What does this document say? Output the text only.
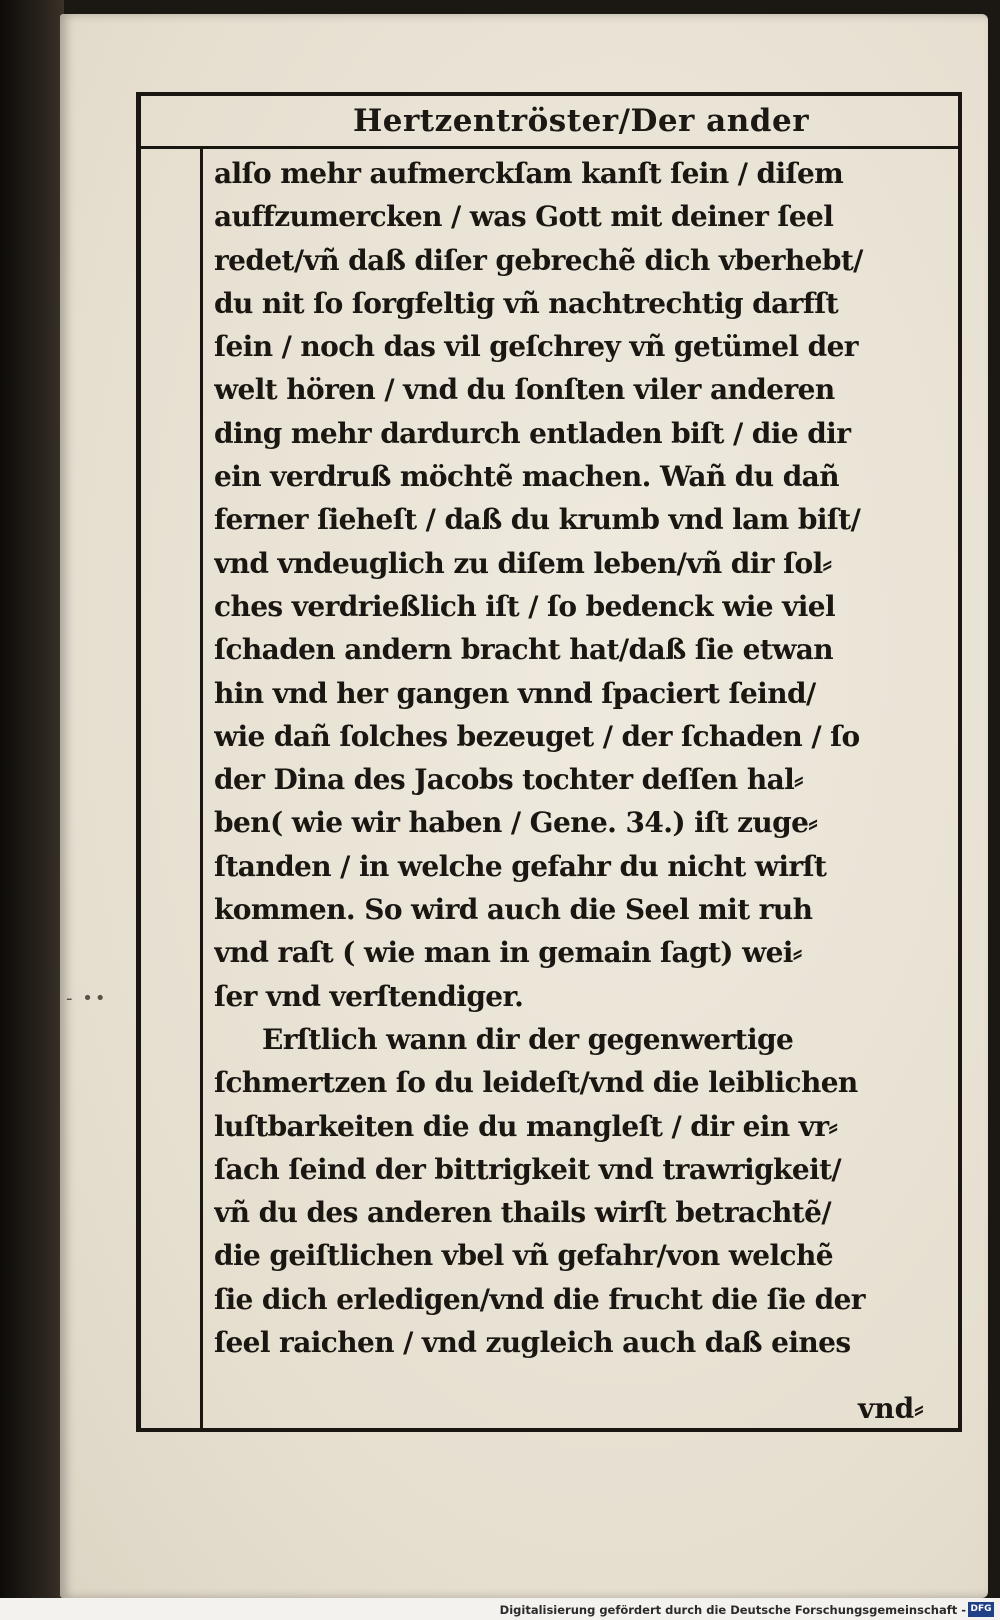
- ••
Hertzentröster/Der ander
alſo mehr aufmerckſam kanſt ſein / diſem
auffzumercken / was Gott mit deiner ſeel
redet/vñ daß diſer gebrechẽ dich vberhebt/
du nit ſo ſorgfeltig vñ nachtrechtig darfſt
ſein / noch das vil geſchrey vñ getümel der
welt hören / vnd du ſonſten viler anderen
ding mehr dardurch entladen biſt / die dir
ein verdruß möchtẽ machen. Wañ du dañ
ferner ſieheſt / daß du krumb vnd lam biſt/
vnd vndeuglich zu diſem leben/vñ dir ſol⸗
ches verdrießlich iſt / ſo bedenck wie viel
ſchaden andern bracht hat/daß ſie etwan
hin vnd her gangen vnnd ſpaciert ſeind/
wie dañ ſolches bezeuget / der ſchaden / ſo
der Dina des Jacobs tochter deſſen hal⸗
ben( wie wir haben / Gene. 34.) iſt zuge⸗
ſtanden / in welche gefahr du nicht wirſt
kommen. So wird auch die Seel mit ruh
vnd raſt ( wie man in gemain ſagt) wei⸗
ſer vnd verſtendiger.
Erſtlich wann dir der gegenwertige
ſchmertzen ſo du leideſt/vnd die leiblichen
luſtbarkeiten die du mangleſt / dir ein vr⸗
ſach ſeind der bittrigkeit vnd trawrigkeit/
vñ du des anderen thails wirſt betrachtẽ/
die geiſtlichen vbel vñ gefahr/von welchẽ
ſie dich erledigen/vnd die frucht die ſie der
ſeel raichen / vnd zugleich auch daß eines
vnd⸗
Digitalisierung gefördert durch die Deutsche Forschungsgemeinschaft - DFG
